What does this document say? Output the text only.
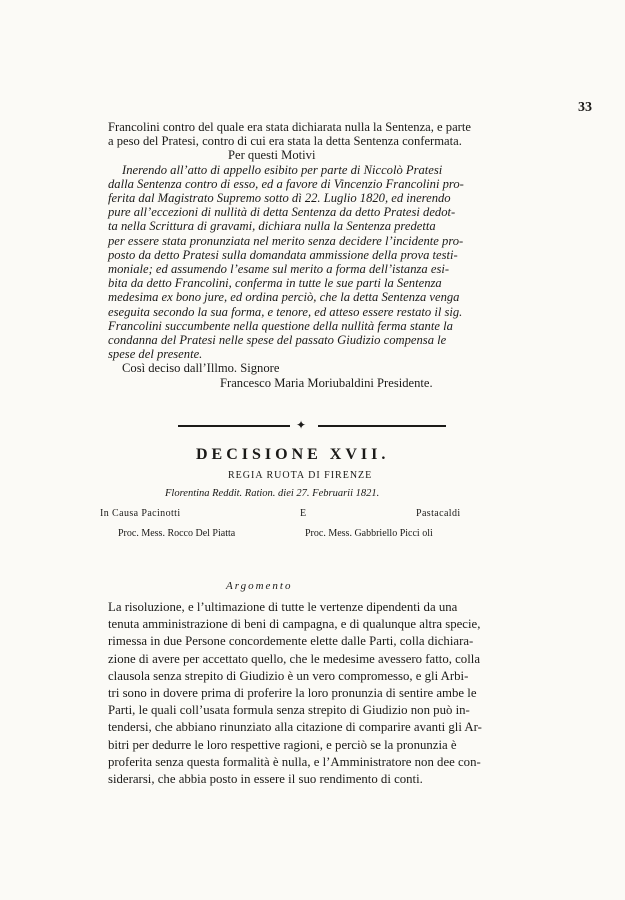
33
Francolini contro del quale era stata dichiarata nulla la Sentenza, e parte
a peso del Pratesi, contro di cui era stata la detta Sentenza confermata.
Per questi Motivi
Inerendo all’atto di appello esibito per parte di Niccolò Pratesi
dalla Sentenza contro di esso, ed a favore di Vincenzio Francolini pro-
ferita dal Magistrato Supremo sotto dì 22. Luglio 1820, ed inerendo
pure all’eccezioni di nullità di detta Sentenza da detto Pratesi dedot-
ta nella Scrittura di gravami, dichiara nulla la Sentenza predetta
per essere stata pronunziata nel merito senza decidere l’incidente pro-
posto da detto Pratesi sulla domandata ammissione della prova testi-
moniale; ed assumendo l’esame sul merito a forma dell’istanza esi-
bita da detto Francolini, conferma in tutte le sue parti la Sentenza
medesima ex bono jure, ed ordina perciò, che la detta Sentenza venga
eseguita secondo la sua forma, e tenore, ed atteso essere restato il sig.
Francolini succumbente nella questione della nullità ferma stante la
condanna del Pratesi nelle spese del passato Giudizio compensa le
spese del presente.
Così deciso dall’Illmo. Signore
Francesco Maria Moriubaldini Presidente.
✦
DECISIONE XVII.
REGIA RUOTA DI FIRENZE
Florentina Reddit. Ration. diei 27. Februarii 1821.
In Causa Pacinotti	E	Pastacaldi
Proc. Mess. Rocco Del Piatta	Proc. Mess. Gabbriello Picci oli
Argomento
La risoluzione, e l’ultimazione di tutte le vertenze dipendenti da una
tenuta amministrazione di beni di campagna, e di qualunque altra specie,
rimessa in due Persone concordemente elette dalle Parti, colla dichiara-
zione di avere per accettato quello, che le medesime avessero fatto, colla
clausola senza strepito di Giudizio è un vero compromesso, e gli Arbi-
tri sono in dovere prima di proferire la loro pronunzia di sentire ambe le
Parti, le quali coll’usata formula senza strepito di Giudizio non può in-
tendersi, che abbiano rinunziato alla citazione di comparire avanti gli Ar-
bitri per dedurre le loro respettive ragioni, e perciò se la pronunzia è
proferita senza questa formalità è nulla, e l’Amministratore non dee con-
siderarsi, che abbia posto in essere il suo rendimento di conti.
